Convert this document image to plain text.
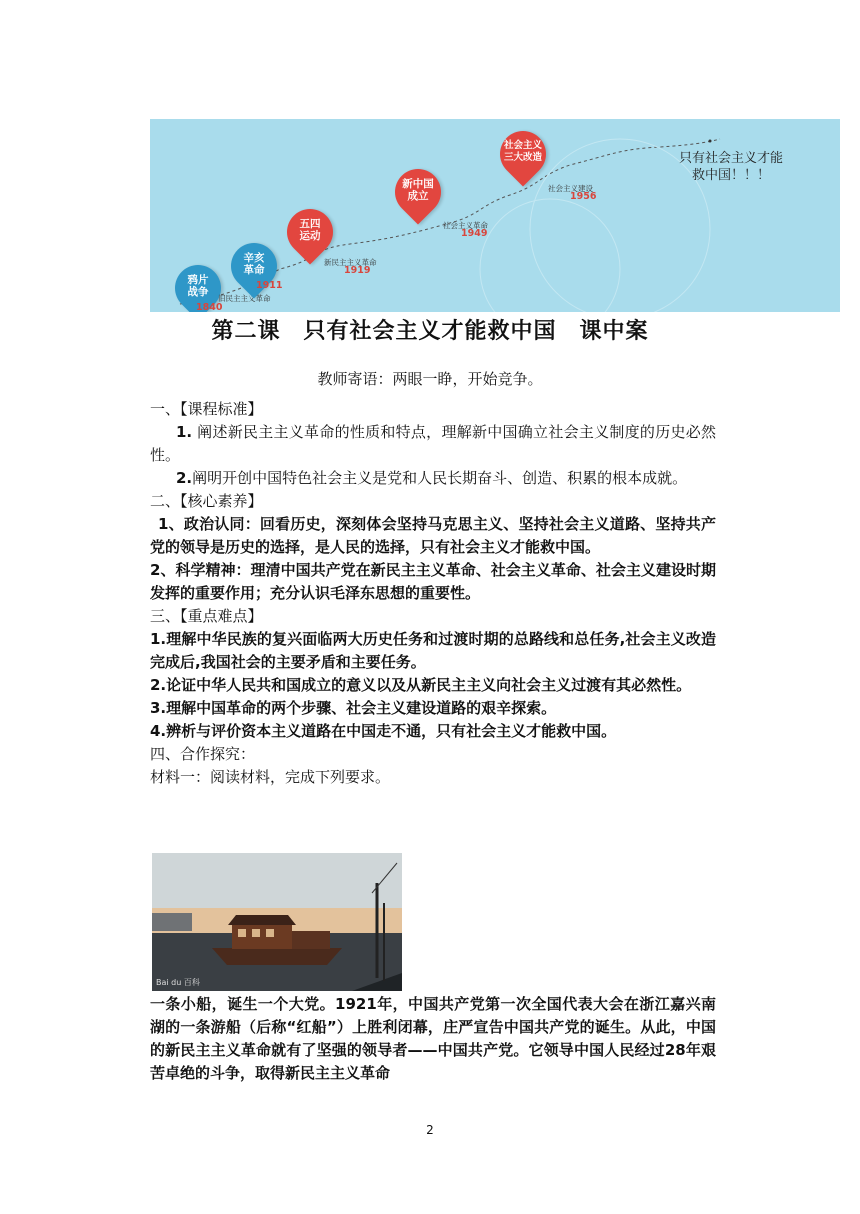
鸦片
战争
旧民主主义革命
1840
辛亥
革命
1911
五四
运动
新民主主义革命
1919
新中国
成立
社会主义革命
1949
社会主义
三大改造
社会主义建设
1956
只有社会主义才能
救中国！！！
第二课　只有社会主义才能救中国　课中案
教师寄语：两眼一睁，开始竞争。

一、【课程标准】

1. 阐述新民主主义革命的性质和特点，理解新中国确立社会主义制度的历史必然性。

2.阐明开创中国特色社会主义是党和人民长期奋斗、创造、积累的根本成就。

二、【核心素养】

1、政治认同：回看历史，深刻体会坚持马克思主义、坚持社会主义道路、坚持共产党的领导是历史的选择，是人民的选择，只有社会主义才能救中国。

2、科学精神：理清中国共产党在新民主主义革命、社会主义革命、社会主义建设时期发挥的重要作用；充分认识毛泽东思想的重要性。

三、【重点难点】

1.理解中华民族的复兴面临两大历史任务和过渡时期的总路线和总任务,社会主义改造完成后,我国社会的主要矛盾和主要任务。

2.论证中华人民共和国成立的意义以及从新民主主义向社会主义过渡有其必然性。

3.理解中国革命的两个步骤、社会主义建设道路的艰辛探索。

4.辨析与评价资本主义道路在中国走不通，只有社会主义才能救中国。

四、合作探究：

材料一：阅读材料，完成下列要求。

Bai du 百科

一条小船，诞生一个大党。1921年，中国共产党第一次全国代表大会在浙江嘉兴南湖的一条游船（后称“红船”）上胜利闭幕，庄严宣告中国共产党的诞生。从此，中国的新民主主义革命就有了坚强的领导者——中国共产党。它领导中国人民经过28年艰苦卓绝的斗争，取得新民主主义革命

2
